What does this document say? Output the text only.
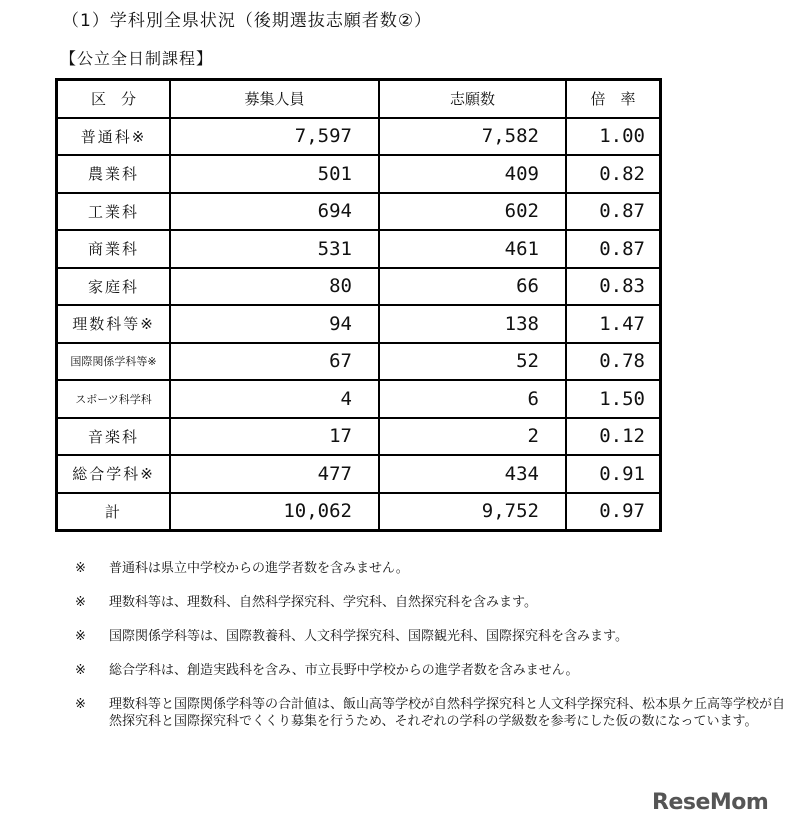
（1）学科別全県状況（後期選抜志願者数②）
【公立全日制課程】
区　分	募集人員	志願数	倍　率
普通科※	7,597	7,582	1.00
農業科	501	409	0.82
工業科	694	602	0.87
商業科	531	461	0.87
家庭科	80	66	0.83
理数科等※	94	138	1.47
国際関係学科等※	67	52	0.78
スポーツ科学科	4	6	1.50
音楽科	17	2	0.12
総合学科※	477	434	0.91
計	10,062	9,752	0.97
※	普通科は県立中学校からの進学者数を含みません。
※	理数科等は、理数科、自然科学探究科、学究科、自然探究科を含みます。
※	国際関係学科等は、国際教養科、人文科学探究科、国際観光科、国際探究科を含みます。
※	総合学科は、創造実践科を含み、市立長野中学校からの進学者数を含みません。
※	理数科等と国際関係学科等の合計値は、飯山高等学校が自然科学探究科と人文科学探究科、松本県ケ丘高等学校が自然探究科と国際探究科でくくり募集を行うため、それぞれの学科の学級数を参考にした仮の数になっています。
ReseMom
